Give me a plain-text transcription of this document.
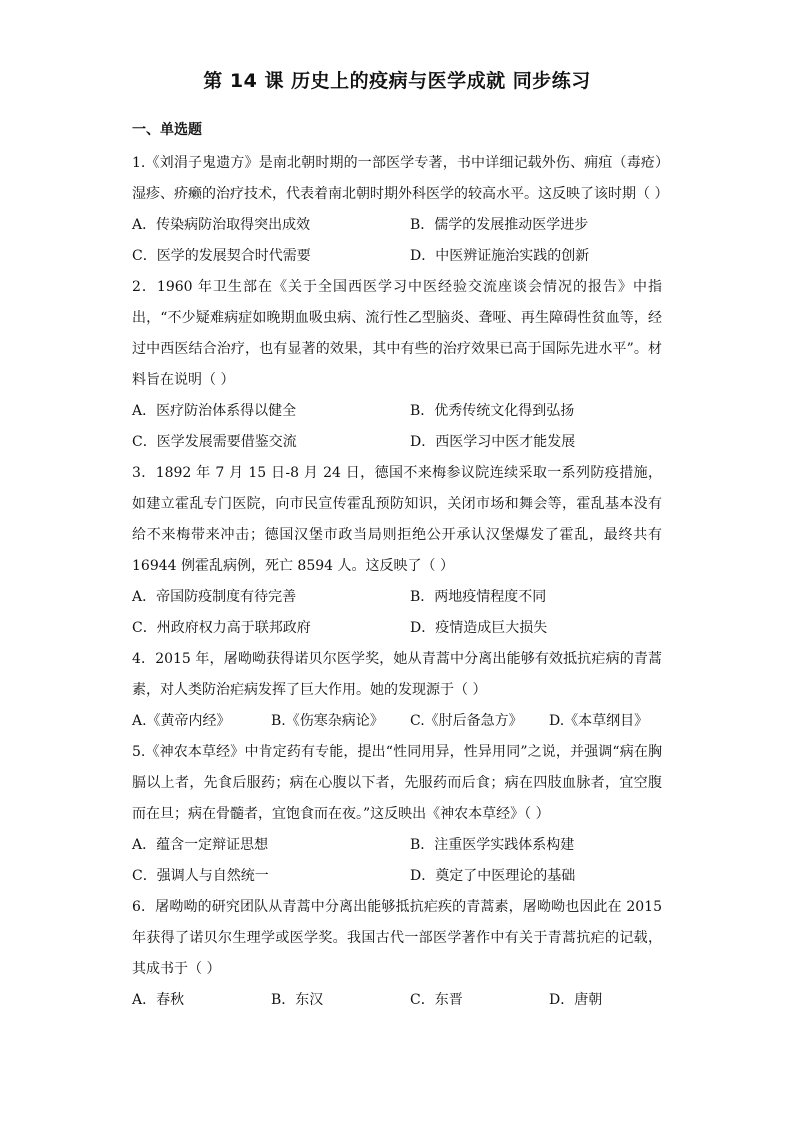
第 14 课 历史上的疫病与医学成就 同步练习
一、单选题
1.《刘涓子鬼遗方》是南北朝时期的一部医学专著，书中详细记载外伤、痈疽（毒疮）湿疹、疥癞的治疗技术，代表着南北朝时期外科医学的较高水平。这反映了该时期（ ）
A．传染病防治取得突出成效	B．儒学的发展推动医学进步
C．医学的发展契合时代需要	D．中医辨证施治实践的创新
2．1960 年卫生部在《关于全国西医学习中医经验交流座谈会情况的报告》中指出，“不少疑难病症如晚期血吸虫病、流行性乙型脑炎、聋哑、再生障碍性贫血等，经过中西医结合治疗，也有显著的效果，其中有些的治疗效果已高于国际先进水平”。材料旨在说明（ ）
A．医疗防治体系得以健全	B．优秀传统文化得到弘扬
C．医学发展需要借鉴交流	D．西医学习中医才能发展
3．1892 年 7 月 15 日-8 月 24 日，德国不来梅参议院连续采取一系列防疫措施，如建立霍乱专门医院，向市民宣传霍乱预防知识，关闭市场和舞会等，霍乱基本没有给不来梅带来冲击；德国汉堡市政当局则拒绝公开承认汉堡爆发了霍乱，最终共有 16944 例霍乱病例，死亡 8594 人。这反映了（ ）
A．帝国防疫制度有待完善	B．两地疫情程度不同
C．州政府权力高于联邦政府	D．疫情造成巨大损失
4．2015 年，屠呦呦获得诺贝尔医学奖，她从青蒿中分离出能够有效抵抗疟病的青蒿素，对人类防治疟病发挥了巨大作用。她的发现源于（ ）
A.《黄帝内经》	B.《伤寒杂病论》	C.《肘后备急方》	D.《本草纲目》
5.《神农本草经》中肯定药有专能，提出“性同用异，性异用同”之说，并强调“病在胸膈以上者，先食后服药；病在心腹以下者，先服药而后食；病在四肢血脉者，宜空腹而在旦；病在骨髓者，宜饱食而在夜。”这反映出《神农本草经》（ ）
A．蕴含一定辩证思想	B．注重医学实践体系构建
C．强调人与自然统一	D．奠定了中医理论的基础
6．屠呦呦的研究团队从青蒿中分离出能够抵抗疟疾的青蒿素，屠呦呦也因此在 2015 年获得了诺贝尔生理学或医学奖。我国古代一部医学著作中有关于青蒿抗疟的记载，其成书于（ ）
A．春秋	B．东汉	C．东晋	D．唐朝
